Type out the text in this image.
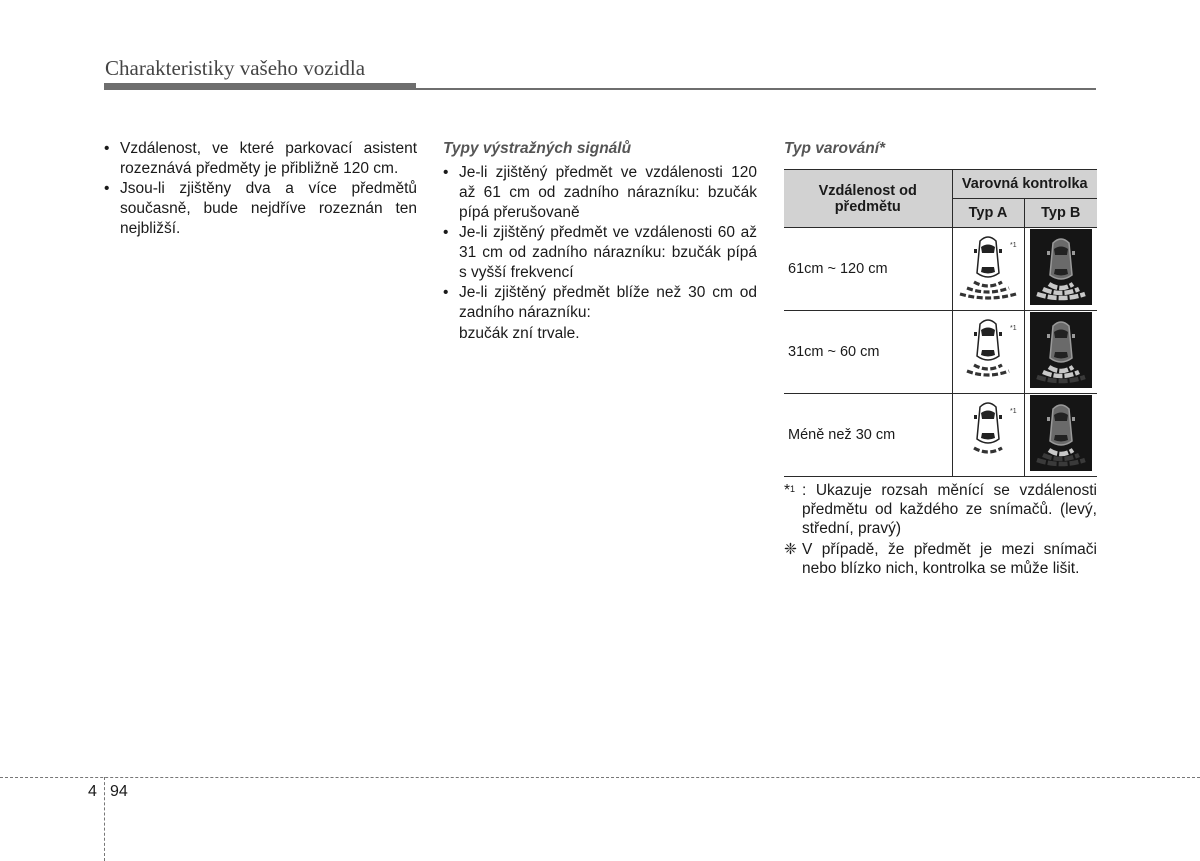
Charakteristiky vašeho vozidla
• Vzdálenost, ve které parkovací asistent rozeznává předměty je přibližně 120 cm.
• Jsou-li zjištěny dva a více předmětů současně, bude nejdříve rozeznán ten nejbližší.
Typy výstražných signálů
• Je-li zjištěný předmět ve vzdálenosti 120 až 61 cm od zadního nárazníku: bzučák pípá přerušovaně
• Je-li zjištěný předmět ve vzdálenosti 60 až 31 cm od zadního nárazníku: bzučák pípá s vyšší frekvencí
• Je-li zjištěný předmět blíže než 30 cm od zadního nárazníku:
bzučák zní trvale.
Typ varování*
Vzdálenost od předmětu	Varovná kontrolka	
	Typ A	Typ B
61cm ~ 120 cm	*1

31cm ~ 60 cm	*1

Méně než 30 cm	*1

*$^1$ : Ukazuje rozsah měnící se vzdálenosti předmětu od každého ze snímačů. (levý, střední, pravý)
❈ V případě, že předmět je mezi snímači nebo blízko nich, kontrolka se může lišit.
4 94
